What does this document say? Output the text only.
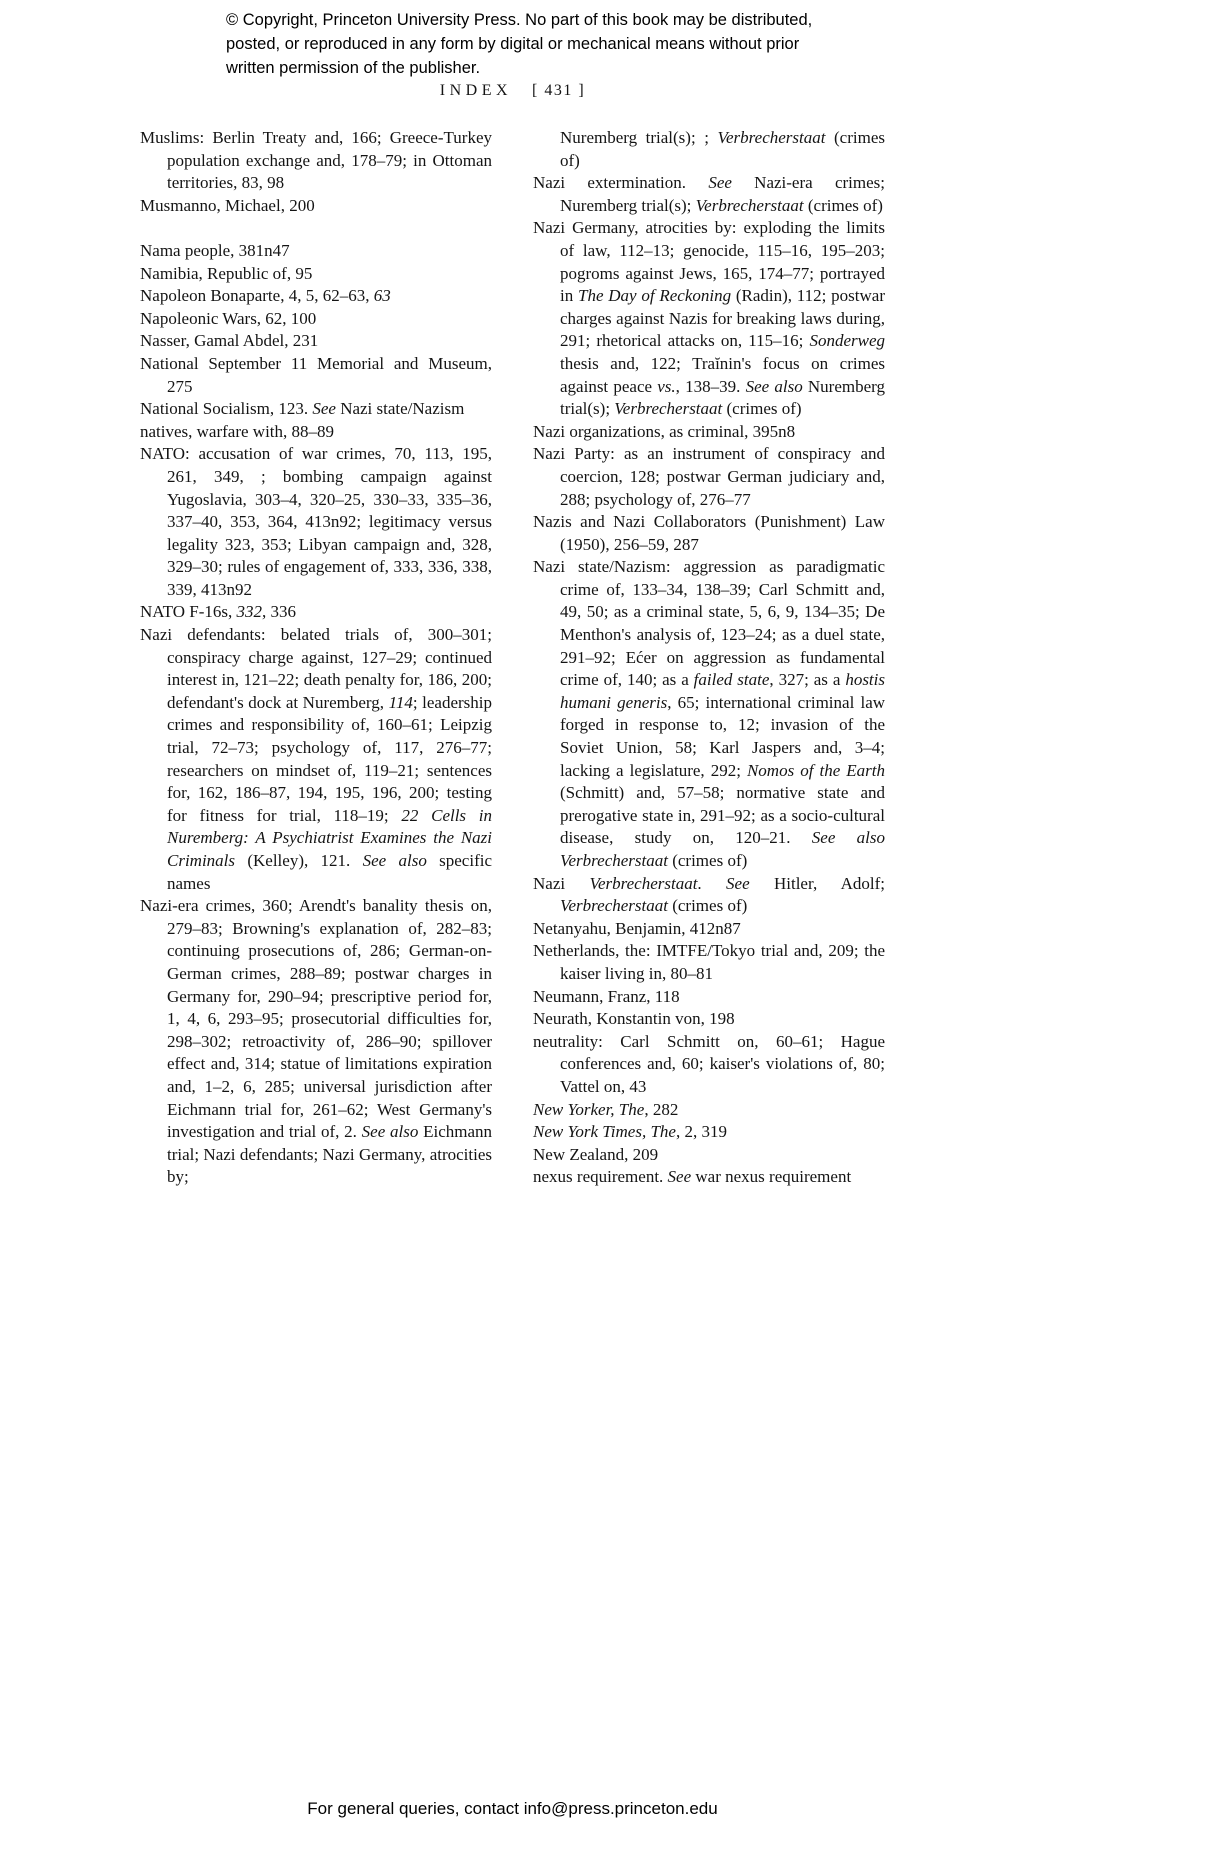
© Copyright, Princeton University Press. No part of this book may be distributed, posted, or reproduced in any form by digital or mechanical means without prior written permission of the publisher.
INDEX [ 431 ]

Muslims: Berlin Treaty and, 166; Greece-Turkey population exchange and, 178–79; in Ottoman territories, 83, 98

Musmanno, Michael, 200

Nama people, 381n47

Namibia, Republic of, 95

Napoleon Bonaparte, 4, 5, 62–63, 63

Napoleonic Wars, 62, 100

Nasser, Gamal Abdel, 231

National September 11 Memorial and Museum, 275

National Socialism, 123. See Nazi state/Nazism

natives, warfare with, 88–89

NATO: accusation of war crimes, 70, 113, 195, 261, 349, ; bombing campaign against Yugoslavia, 303–4, 320–25, 330–33, 335–36, 337–40, 353, 364, 413n92; legitimacy versus legality 323, 353; Libyan campaign and, 328, 329–30; rules of engagement of, 333, 336, 338, 339, 413n92

NATO F-16s, 332, 336

Nazi defendants: belated trials of, 300–301; conspiracy charge against, 127–29; continued interest in, 121–22; death penalty for, 186, 200; defendant's dock at Nuremberg, 114; leadership crimes and responsibility of, 160–61; Leipzig trial, 72–73; psychology of, 117, 276–77; researchers on mindset of, 119–21; sentences for, 162, 186–87, 194, 195, 196, 200; testing for fitness for trial, 118–19; 22 Cells in Nuremberg: A Psychiatrist Examines the Nazi Criminals (Kelley), 121. See also specific names

Nazi-era crimes, 360; Arendt's banality thesis on, 279–83; Browning's explanation of, 282–83; continuing prosecutions of, 286; German-on-German crimes, 288–89; postwar charges in Germany for, 290–94; prescriptive period for, 1, 4, 6, 293–95; prosecutorial difficulties for, 298–302; retroactivity of, 286–90; spillover effect and, 314; statue of limitations expiration and, 1–2, 6, 285; universal jurisdiction after Eichmann trial for, 261–62; West Germany's investigation and trial of, 2. See also Eichmann trial; Nazi defendants; Nazi Germany, atrocities by;

Nuremberg trial(s); ; Verbrecherstaat (crimes of)

Nazi extermination. See Nazi-era crimes; Nuremberg trial(s); Verbrecherstaat (crimes of)

Nazi Germany, atrocities by: exploding the limits of law, 112–13; genocide, 115–16, 195–203; pogroms against Jews, 165, 174–77; portrayed in The Day of Reckoning (Radin), 112; postwar charges against Nazis for breaking laws during, 291; rhetorical attacks on, 115–16; Sonderweg thesis and, 122; Traĭnin's focus on crimes against peace vs., 138–39. See also Nuremberg trial(s); Verbrecherstaat (crimes of)

Nazi organizations, as criminal, 395n8

Nazi Party: as an instrument of conspiracy and coercion, 128; postwar German judiciary and, 288; psychology of, 276–77

Nazis and Nazi Collaborators (Punishment) Law (1950), 256–59, 287

Nazi state/Nazism: aggression as paradigmatic crime of, 133–34, 138–39; Carl Schmitt and, 49, 50; as a criminal state, 5, 6, 9, 134–35; De Menthon's analysis of, 123–24; as a duel state, 291–92; Ećer on aggression as fundamental crime of, 140; as a failed state, 327; as a hostis humani generis, 65; international criminal law forged in response to, 12; invasion of the Soviet Union, 58; Karl Jaspers and, 3–4; lacking a legislature, 292; Nomos of the Earth (Schmitt) and, 57–58; normative state and prerogative state in, 291–92; as a socio-cultural disease, study on, 120–21. See also Verbrecherstaat (crimes of)

Nazi Verbrecherstaat. See Hitler, Adolf; Verbrecherstaat (crimes of)

Netanyahu, Benjamin, 412n87

Netherlands, the: IMTFE/Tokyo trial and, 209; the kaiser living in, 80–81

Neumann, Franz, 118

Neurath, Konstantin von, 198

neutrality: Carl Schmitt on, 60–61; Hague conferences and, 60; kaiser's violations of, 80; Vattel on, 43

New Yorker, The, 282

New York Times, The, 2, 319

New Zealand, 209

nexus requirement. See war nexus requirement

For general queries, contact info@press.princeton.edu
